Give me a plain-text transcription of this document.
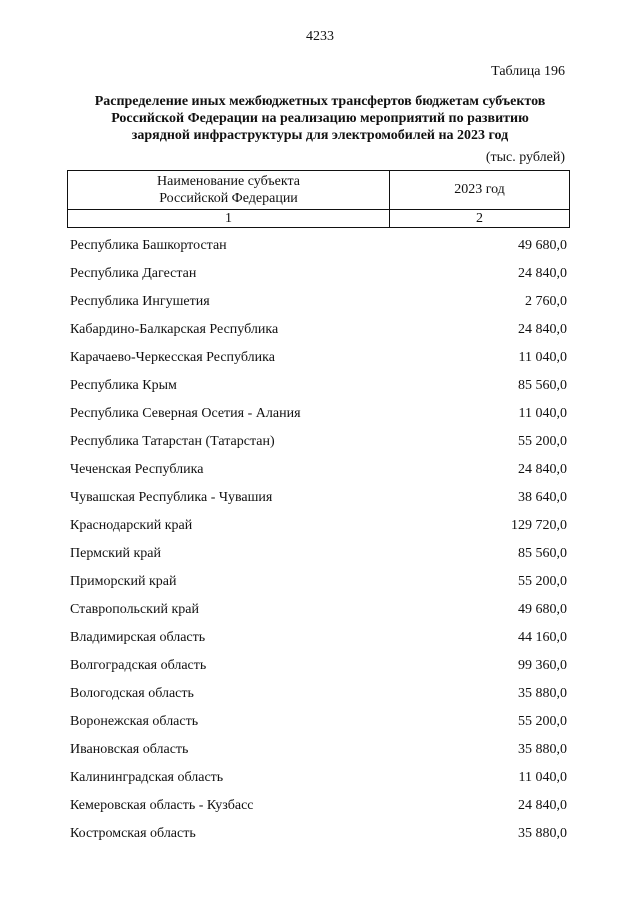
4233
Таблица 196
Распределение иных межбюджетных трансфертов бюджетам субъектов
Российской Федерации на реализацию мероприятий по развитию
зарядной инфраструктуры для электромобилей на 2023 год
(тыс. рублей)
Наименование субъекта
Российской Федерации	2023 год
1	2
Республика Башкортостан	49 680,0
Республика Дагестан	24 840,0
Республика Ингушетия	2 760,0
Кабардино-Балкарская Республика	24 840,0
Карачаево-Черкесская Республика	11 040,0
Республика Крым	85 560,0
Республика Северная Осетия - Алания	11 040,0
Республика Татарстан (Татарстан)	55 200,0
Чеченская Республика	24 840,0
Чувашская Республика - Чувашия	38 640,0
Краснодарский край	129 720,0
Пермский край	85 560,0
Приморский край	55 200,0
Ставропольский край	49 680,0
Владимирская область	44 160,0
Волгоградская область	99 360,0
Вологодская область	35 880,0
Воронежская область	55 200,0
Ивановская область	35 880,0
Калининградская область	11 040,0
Кемеровская область - Кузбасс	24 840,0
Костромская область	35 880,0
